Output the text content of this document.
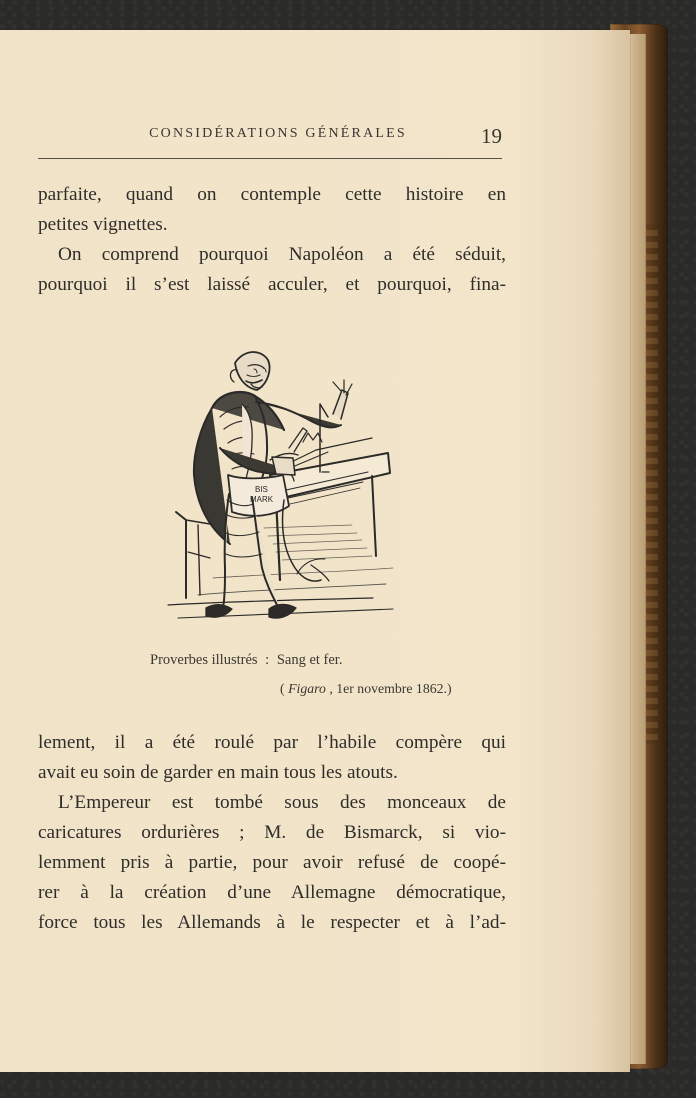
CONSIDÉRATIONS GÉNÉRALES	19
parfaite, quand on contemple cette histoire en
petites vignettes.
On comprend pourquoi Napoléon a été séduit,
pourquoi il s’est laissé acculer, et pourquoi, fina-
BIS
MARK
Proverbes illustrés : Sang et fer.
( Figaro , 1er novembre 1862.)
lement, il a été roulé par l’habile compère qui
avait eu soin de garder en main tous les atouts.
L’Empereur est tombé sous des monceaux de
caricatures ordurières ; M. de Bismarck, si vio-
lemment pris à partie, pour avoir refusé de coopé-
rer à la création d’une Allemagne démocratique,
force tous les Allemands à le respecter et à l’ad-
